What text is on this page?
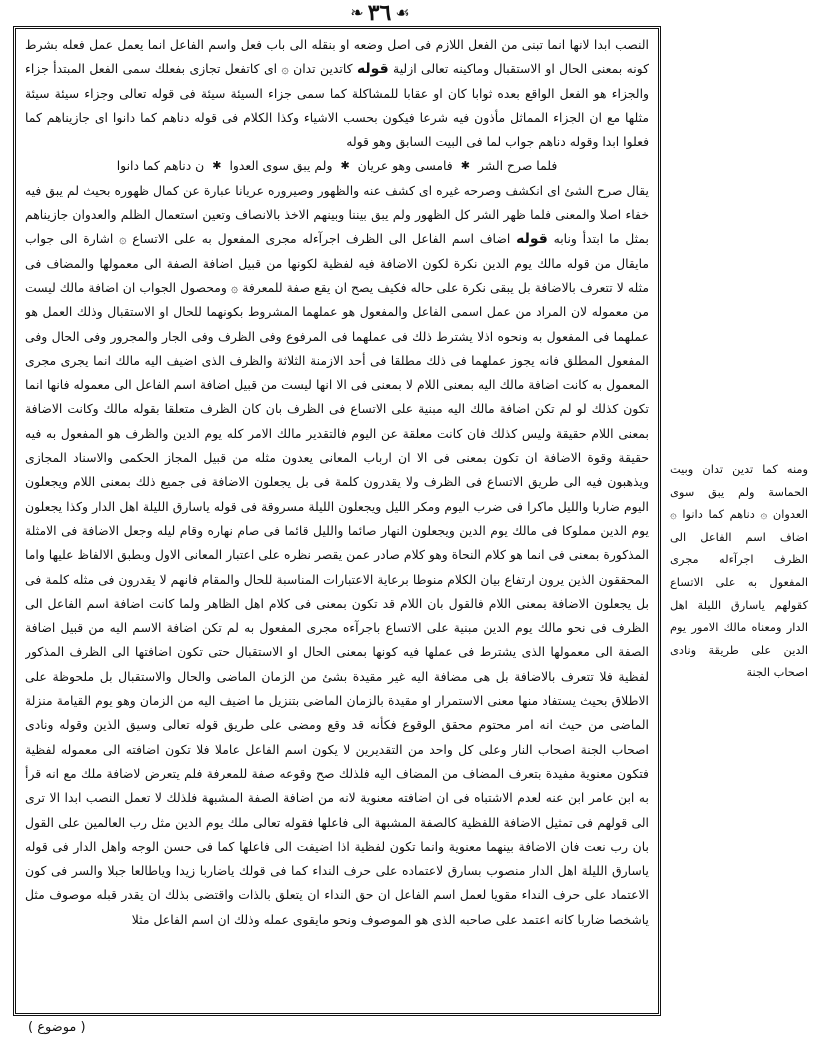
❧ ٣٦ ☙

النصب ابدا لانها انما تبنى من الفعل اللازم فى اصل وضعه او بنقله الى باب فعل واسم الفاعل انما يعمل عمل فعله بشرط كونه بمعنى الحال او الاستقبال وماكينه تعالى ازلية قوله كاتدين تدان ۞ اى كاتفعل تجازى بفعلك سمى الفعل المبتدأ جزاء والجزاء هو الفعل الواقع بعده ثوابا كان او عقابا للمشاكلة كما سمى جزاء السيئة سيئة فى قوله تعالى وجزاء سيئة سيئة مثلها مع ان الجزاء المماثل مأذون فيه شرعا فيكون بحسب الاشياء وكذا الكلام فى قوله دناهم كما دانوا اى جازيناهم كما فعلوا ابدا وقوله دناهم جواب لما فى البيت السابق وهو قوله

فلما صرح الشر
✱
فامسى وهو عريان
✱
ولم يبق سوى العدوا
✱
ن دناهم كما دانوا

يقال صرح الشئ اى انكشف وصرحه غيره اى كشف عنه والظهور وصيروره عريانا عبارة عن كمال ظهوره بحيث لم يبق فيه خفاء اصلا والمعنى فلما ظهر الشر كل الظهور ولم يبق بيننا وبينهم الاخذ بالانصاف وتعين استعمال الظلم والعدوان جازيناهم بمثل ما ابتدأ ونابه قوله اضاف اسم الفاعل الى الظرف اجرآءله مجرى المفعول به على الاتساع ۞ اشارة الى جواب مايقال من قوله مالك يوم الدين نكرة لكون الاضافة فيه لفظية لكونها من قبيل اضافة الصفة الى معمولها والمضاف فى مثله لا تتعرف بالاضافة بل يبقى نكرة على حاله فكيف يصح ان يقع صفة للمعرفة ۞ ومحصول الجواب ان اضافة مالك ليست من معموله لان المراد من عمل اسمى الفاعل والمفعول هو عملهما المشروط بكونهما للحال او الاستقبال وذلك العمل هو عملهما فى المفعول به ونحوه اذلا يشترط ذلك فى عملهما فى المرفوع وفى الظرف وفى الجار والمجرور وفى الحال وفى المفعول المطلق فانه يجوز عملهما فى ذلك مطلقا فى أحد الازمنة الثلاثة والظرف الذى اضيف اليه مالك انما يجرى مجرى المعمول به كانت اضافة مالك اليه بمعنى اللام لا بمعنى فى الا انها ليست من قبيل اضافة اسم الفاعل الى معموله فانها انما تكون كذلك لو لم تكن اضافة مالك اليه مبنية على الاتساع فى الظرف بان كان الظرف متعلقا بقوله مالك وكانت الاضافة بمعنى اللام حقيقة وليس كذلك فان كانت معلقة عن اليوم فالتقدير مالك الامر كله يوم الدين والظرف هو المفعول به فيه حقيقة وقوة الاضافة ان تكون بمعنى فى الا ان ارباب المعانى يعدون مثله من قبيل المجاز الحكمى والاسناد المجازى ويذهبون فيه الى طريق الاتساع فى الظرف ولا يقدرون كلمة فى بل يجعلون الاضافة فى جميع ذلك بمعنى اللام ويجعلون اليوم ضاربا والليل ماكرا فى ضرب اليوم ومكر الليل ويجعلون الليلة مسروقة فى قوله ياسارق الليلة اهل الدار وكذا يجعلون يوم الدين مملوكا فى مالك يوم الدين ويجعلون النهار صائما والليل قائما فى صام نهاره وقام ليله وجعل الاضافة فى الامثلة المذكورة بمعنى فى انما هو كلام النحاة وهو كلام صادر عمن يقصر نظره على اعتبار المعانى الاول وبطبق الالفاظ عليها واما المحققون الذين يرون ارتفاع بيان الكلام منوطا برعاية الاعتبارات المناسبة للحال والمقام فانهم لا يقدرون فى مثله كلمة فى بل يجعلون الاضافة بمعنى اللام فالقول بان اللام قد تكون بمعنى فى كلام اهل الظاهر ولما كانت اضافة اسم الفاعل الى الظرف فى نحو مالك يوم الدين مبنية على الاتساع باجرآءه مجرى المفعول به لم تكن اضافة الاسم اليه من قبيل اضافة الصفة الى معمولها الذى يشترط فى عملها فيه كونها بمعنى الحال او الاستقبال حتى تكون اضافتها الى الظرف المذكور لفظية فلا تتعرف بالاضافة بل هى مضافة اليه غير مقيدة بشئ من الزمان الماضى والحال والاستقبال بل ملحوظة على الاطلاق بحيث يستفاد منها معنى الاستمرار او مقيدة بالزمان الماضى بتنزيل ما اضيف اليه من الزمان وهو يوم القيامة منزلة الماضى من حيث انه امر محتوم محقق الوقوع فكأنه قد وقع ومضى على طريق قوله تعالى وسيق الذين وقوله ونادى اصحاب الجنة اصحاب النار وعلى كل واحد من التقديرين لا يكون اسم الفاعل عاملا فلا تكون اضافته الى معموله لفظية فتكون معنوية مفيدة بتعرف المضاف من المضاف اليه فلذلك صح وقوعه صفة للمعرفة فلم يتعرض لاضافة ملك مع انه قرأ به ابن عامر ابن عنه لعدم الاشتباه فى ان اضافته معنوية لانه من اضافة الصفة المشبهة فلذلك لا تعمل النصب ابدا الا ترى الى قولهم فى تمثيل الاضافة اللفظية كالصفة المشبهة الى فاعلها فقوله تعالى ملك يوم الدين مثل رب العالمين على القول بان رب نعت فان الاضافة بينهما معنوية وانما تكون لفظية اذا اضيفت الى فاعلها كما فى حسن الوجه واهل الدار فى قوله ياسارق الليلة اهل الدار منصوب بسارق لاعتماده على حرف النداء كما فى قولك ياضاربا زيدا وياطالعا جبلا والسر فى كون الاعتماد على حرف النداء مقويا لعمل اسم الفاعل ان حق النداء ان يتعلق بالذات واقتضى بذلك ان يقدر قبله موصوف مثل ياشخصا ضاربا كانه اعتمد على صاحبه الذى هو الموصوف ونحو مايقوى عمله وذلك ان اسم الفاعل مثلا

ومنه كما تدين تدان وبيت الحماسة ولم يبق سوى العدوان ۞ دناهم كما دانوا ۞ اضاف اسم الفاعل الى الظرف اجرآءله مجرى المفعول به على الاتساع كقولهم ياسارق الليلة اهل الدار ومعناه مالك الامور يوم الدين على طريقة ونادى اصحاب الجنة

( موضوع )
